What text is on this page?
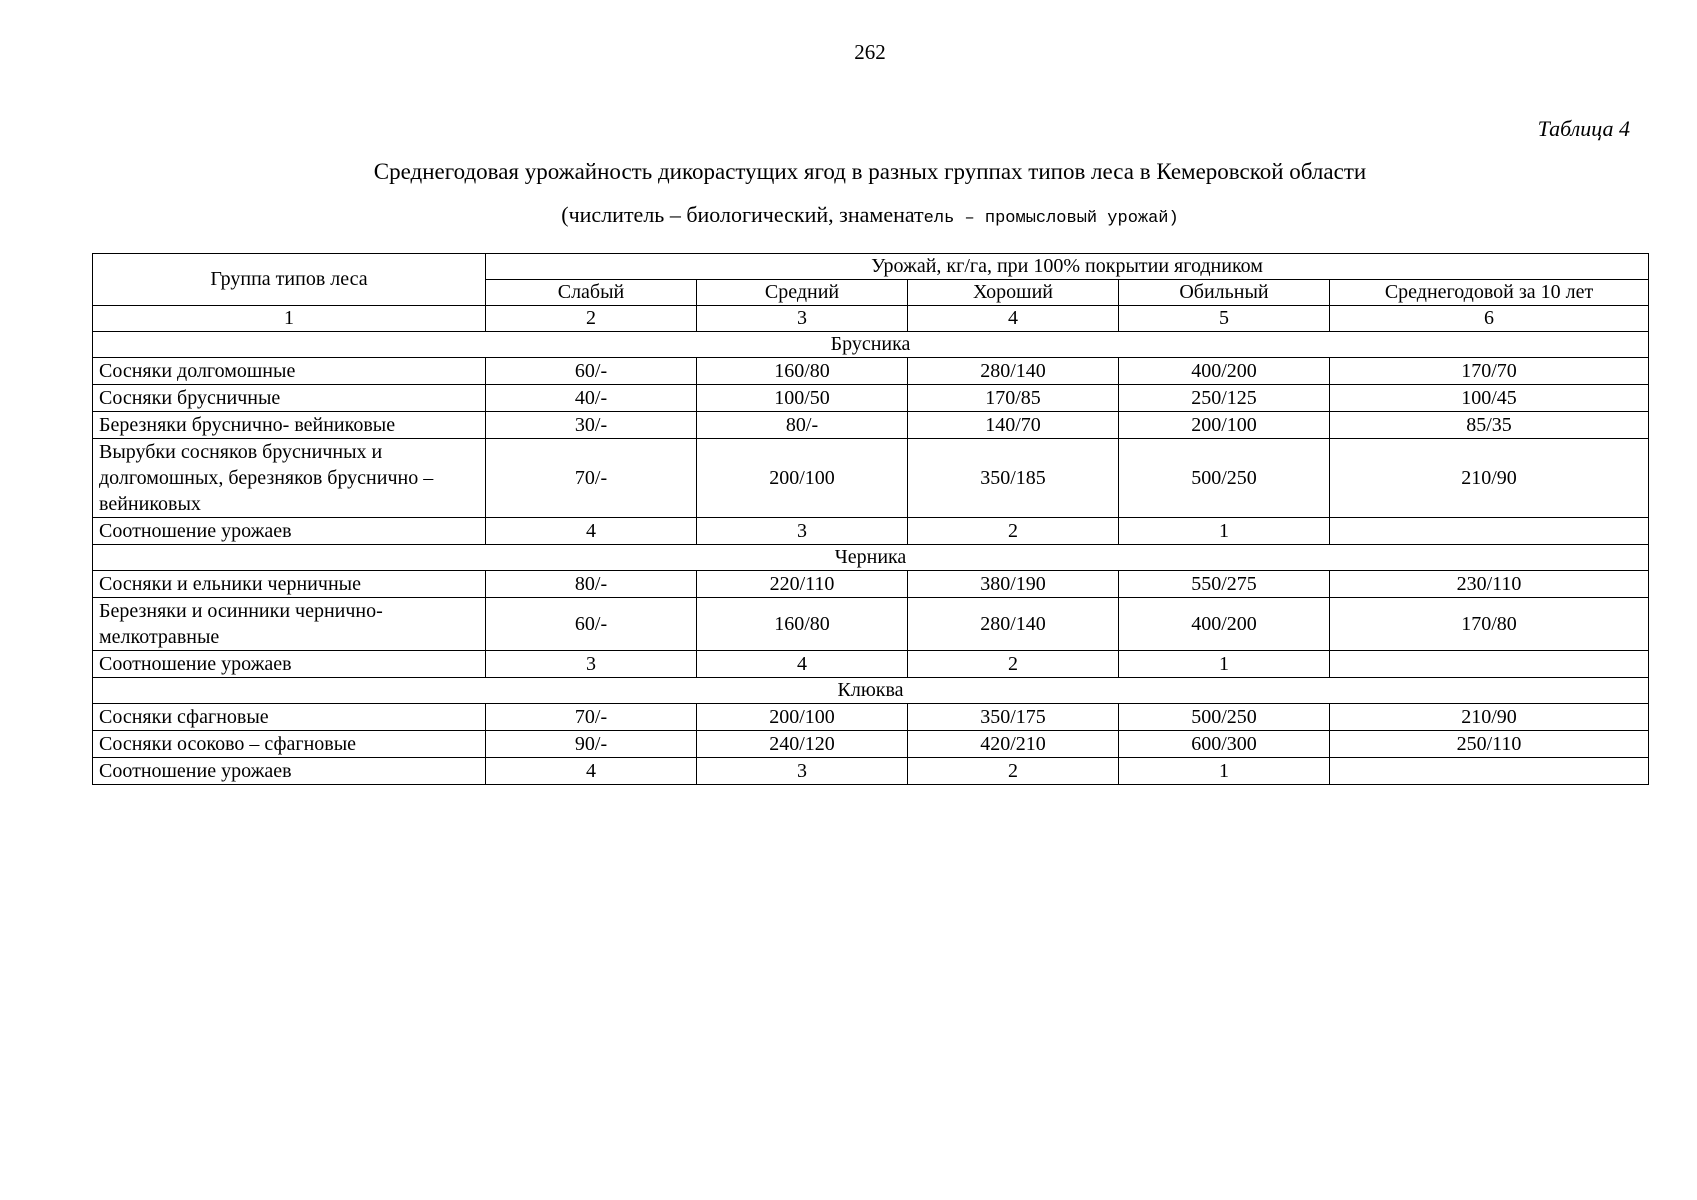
262
Таблица 4
Среднегодовая урожайность дикорастущих ягод в разных группах типов леса в Кемеровской области
(числитель – биологический, знаменатель – промысловый урожай)
Группа типов леса	Урожай, кг/га, при 100% покрытии ягодником				
	Слабый	Средний	Хороший	Обильный	Среднегодовой за 10 лет
1	2	3	4	5	6
Брусника					
Сосняки долгомошные	60/-	160/80	280/140	400/200	170/70
Сосняки брусничные	40/-	100/50	170/85	250/125	100/45
Березняки бруснично- вейниковые	30/-	80/-	140/70	200/100	85/35
Вырубки сосняков брусничных и долгомошных, березняков бруснично – вейниковых	70/-	200/100	350/185	500/250	210/90
Соотношение урожаев	4	3	2	1	
Черника					
Сосняки и ельники черничные	80/-	220/110	380/190	550/275	230/110
Березняки и осинники чернично-мелкотравные	60/-	160/80	280/140	400/200	170/80
Соотношение урожаев	3	4	2	1	
Клюква					
Сосняки сфагновые	70/-	200/100	350/175	500/250	210/90
Сосняки осоково – сфагновые	90/-	240/120	420/210	600/300	250/110
Соотношение урожаев	4	3	2	1	
